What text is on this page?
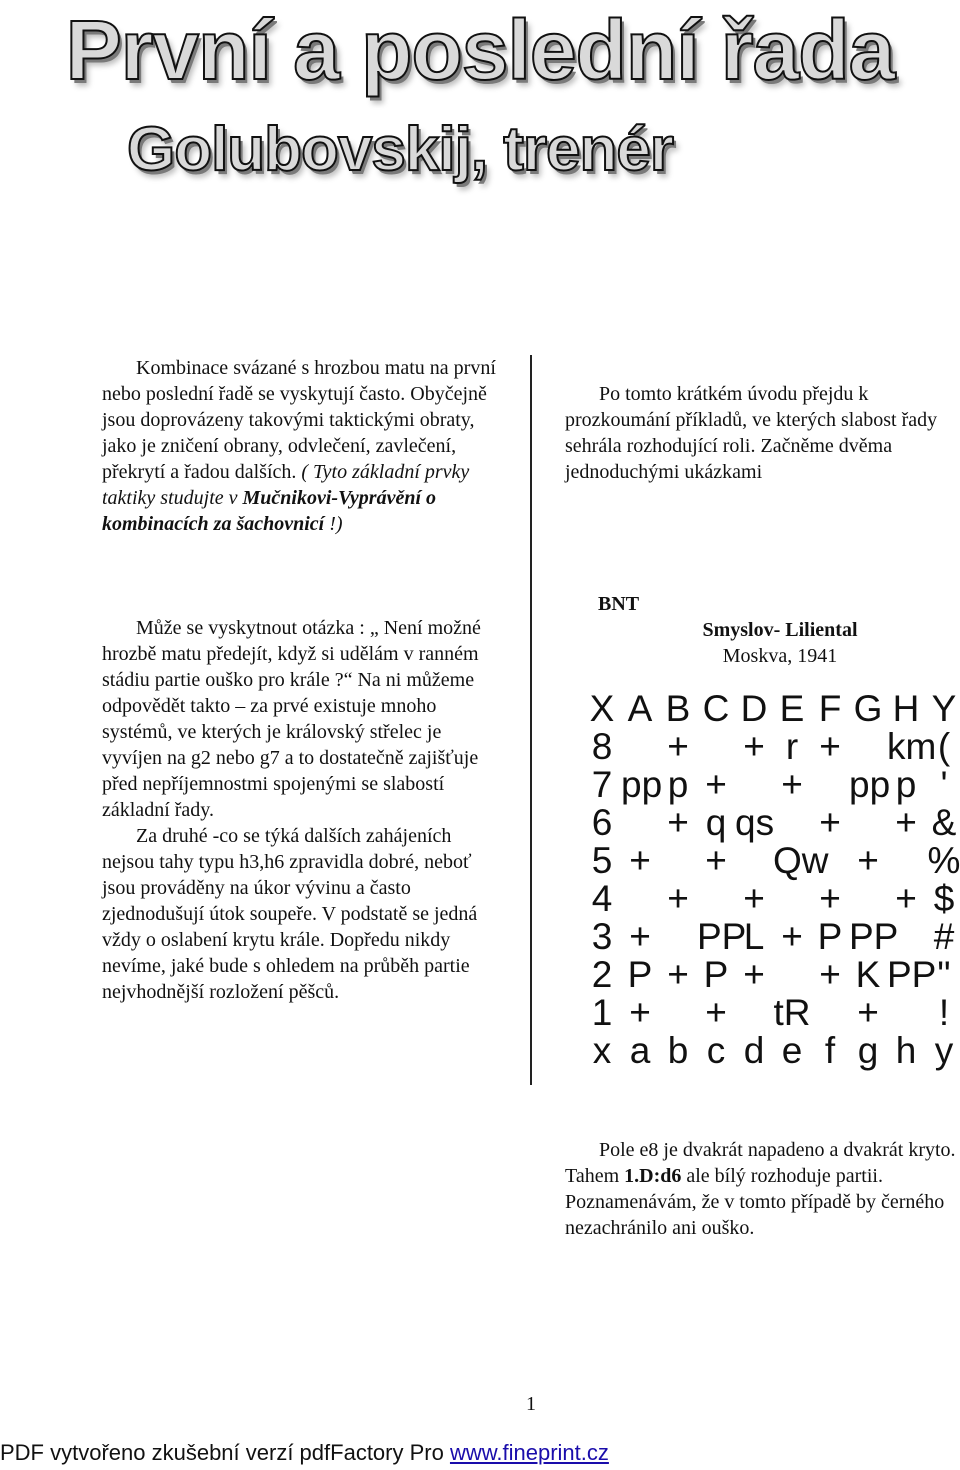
První a poslední řada
Golubovskij, trenér

Kombinace svázané s hrozbou matu na první nebo poslední řadě se vyskytují často. Obyčejně jsou doprovázeny takovými taktickými obraty, jako je zničení obrany, odvlečení, zavlečení, překrytí a řadou dalších. ( Tyto základní prvky taktiky studujte v Mučnikovi-Vyprávění o kombinacích za šachovnicí !)

Může se vyskytnout otázka : „ Není možné hrozbě matu předejít, když si udělám v ranném stádiu partie ouško pro krále ?“ Na ni můžeme odpovědět takto – za prvé existuje mnoho systémů, ve kterých je královský střelec je vyvíjen na g2 nebo g7 a to dostatečně zajišťuje před nepříjemnostmi spojenými se slabostí základní řady.

Za druhé -co se týká dalších zahájeních nejsou tahy typu h3,h6 zpravidla dobré, neboť jsou prováděny na úkor vývinu a často zjednodušují útok soupeře. V podstatě se jedná vždy o oslabení krytu krále. Dopředu nikdy nevíme, jaké bude s ohledem na průběh partie nejvhodnější rozložení pěšců.

Po tomto krátkém úvodu přejdu k prozkoumání příkladů, ve kterých slabost řady sehrála rozhodující roli. Začněme dvěma jednoduchými ukázkami

BNT
Smyslov- Liliental
Moskva, 1941
X A B C D E F G H Y
8 + + r + km(
7 pp p + + pp p '
6 + q qs + + &
5 + + Qw + %
4 + + + + $
3 + PPL + P PP #
2 P + P + + K PP"
1 + + tR + !
x a b c d e f g h y

Pole e8 je dvakrát napadeno a dvakrát kryto. Tahem 1.D:d6 ale bílý rozhoduje partii. Poznamenávám, že v tomto případě by černého nezachránilo ani ouško.

1
PDF vytvořeno zkušební verzí pdfFactory Pro www.fineprint.cz
